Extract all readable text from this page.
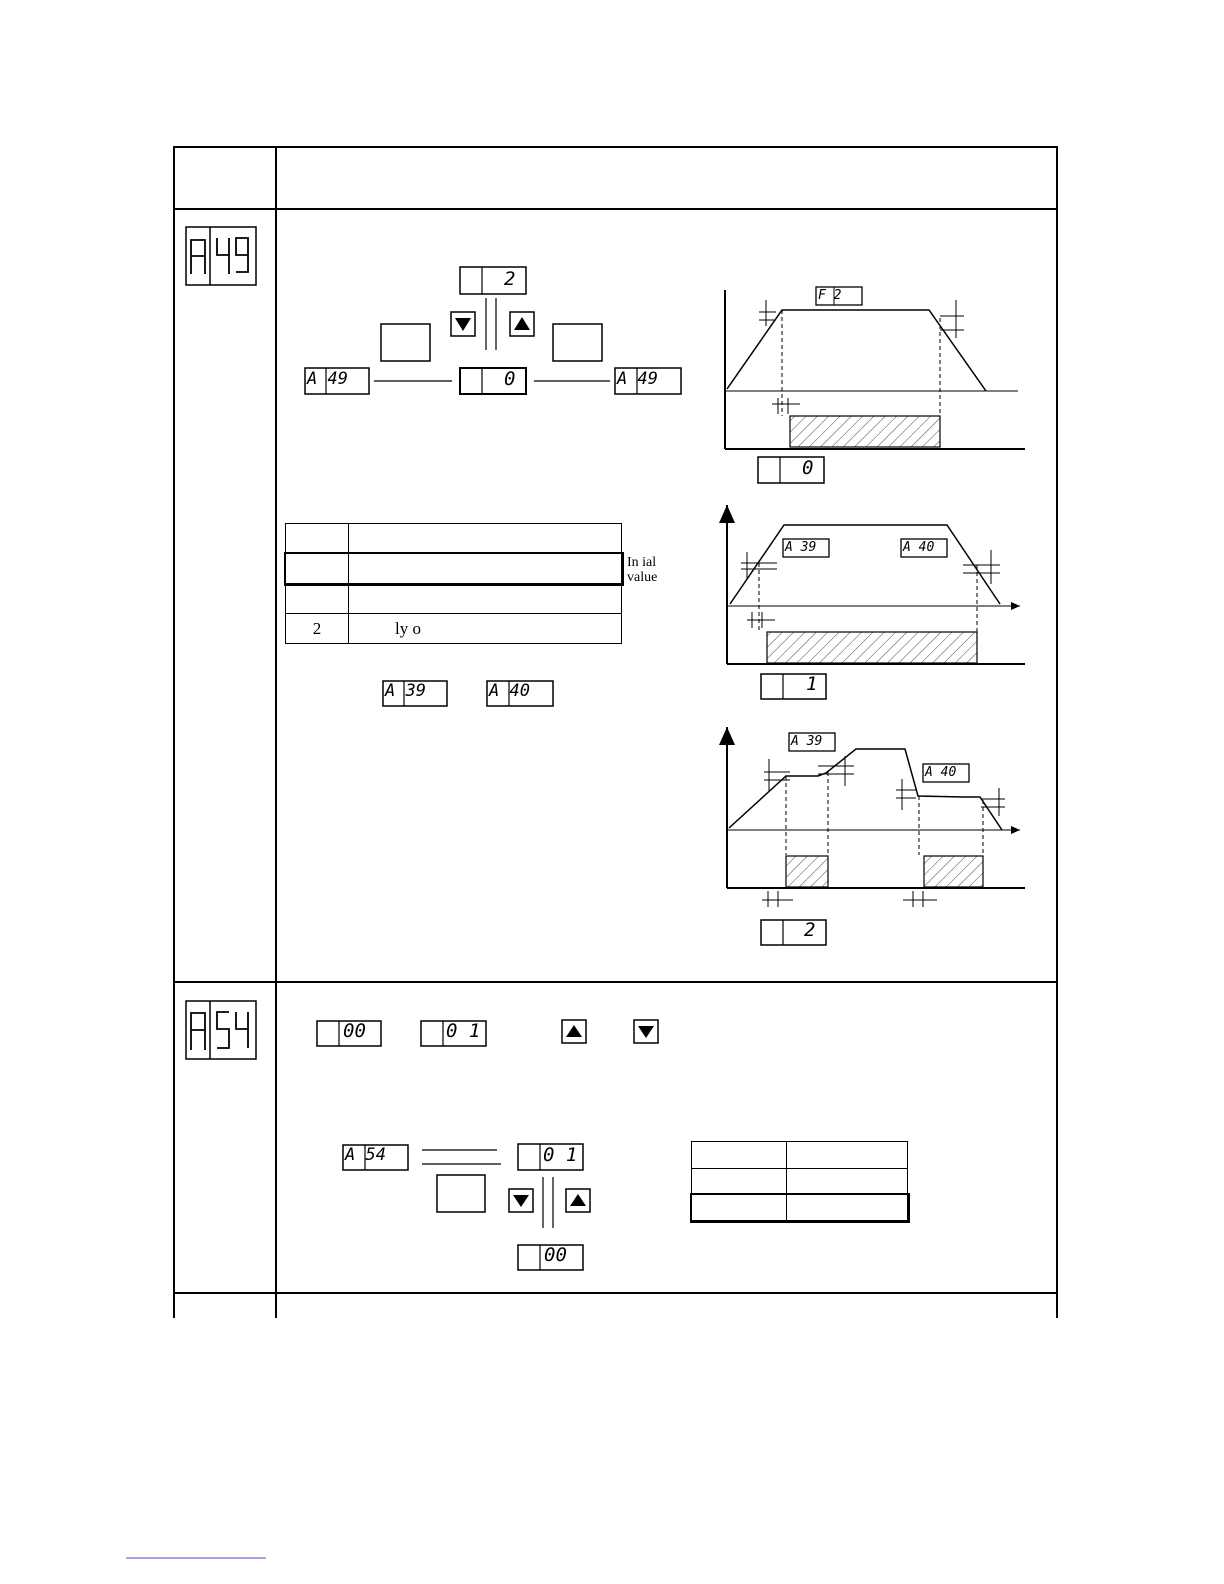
2
0
A 49	A 49
A 39	A 40
F 2
0
A 39	A 40
1
A 39
A 40
2
00	0 1
A 54	0 1
00

2	ly o
In ial
value
